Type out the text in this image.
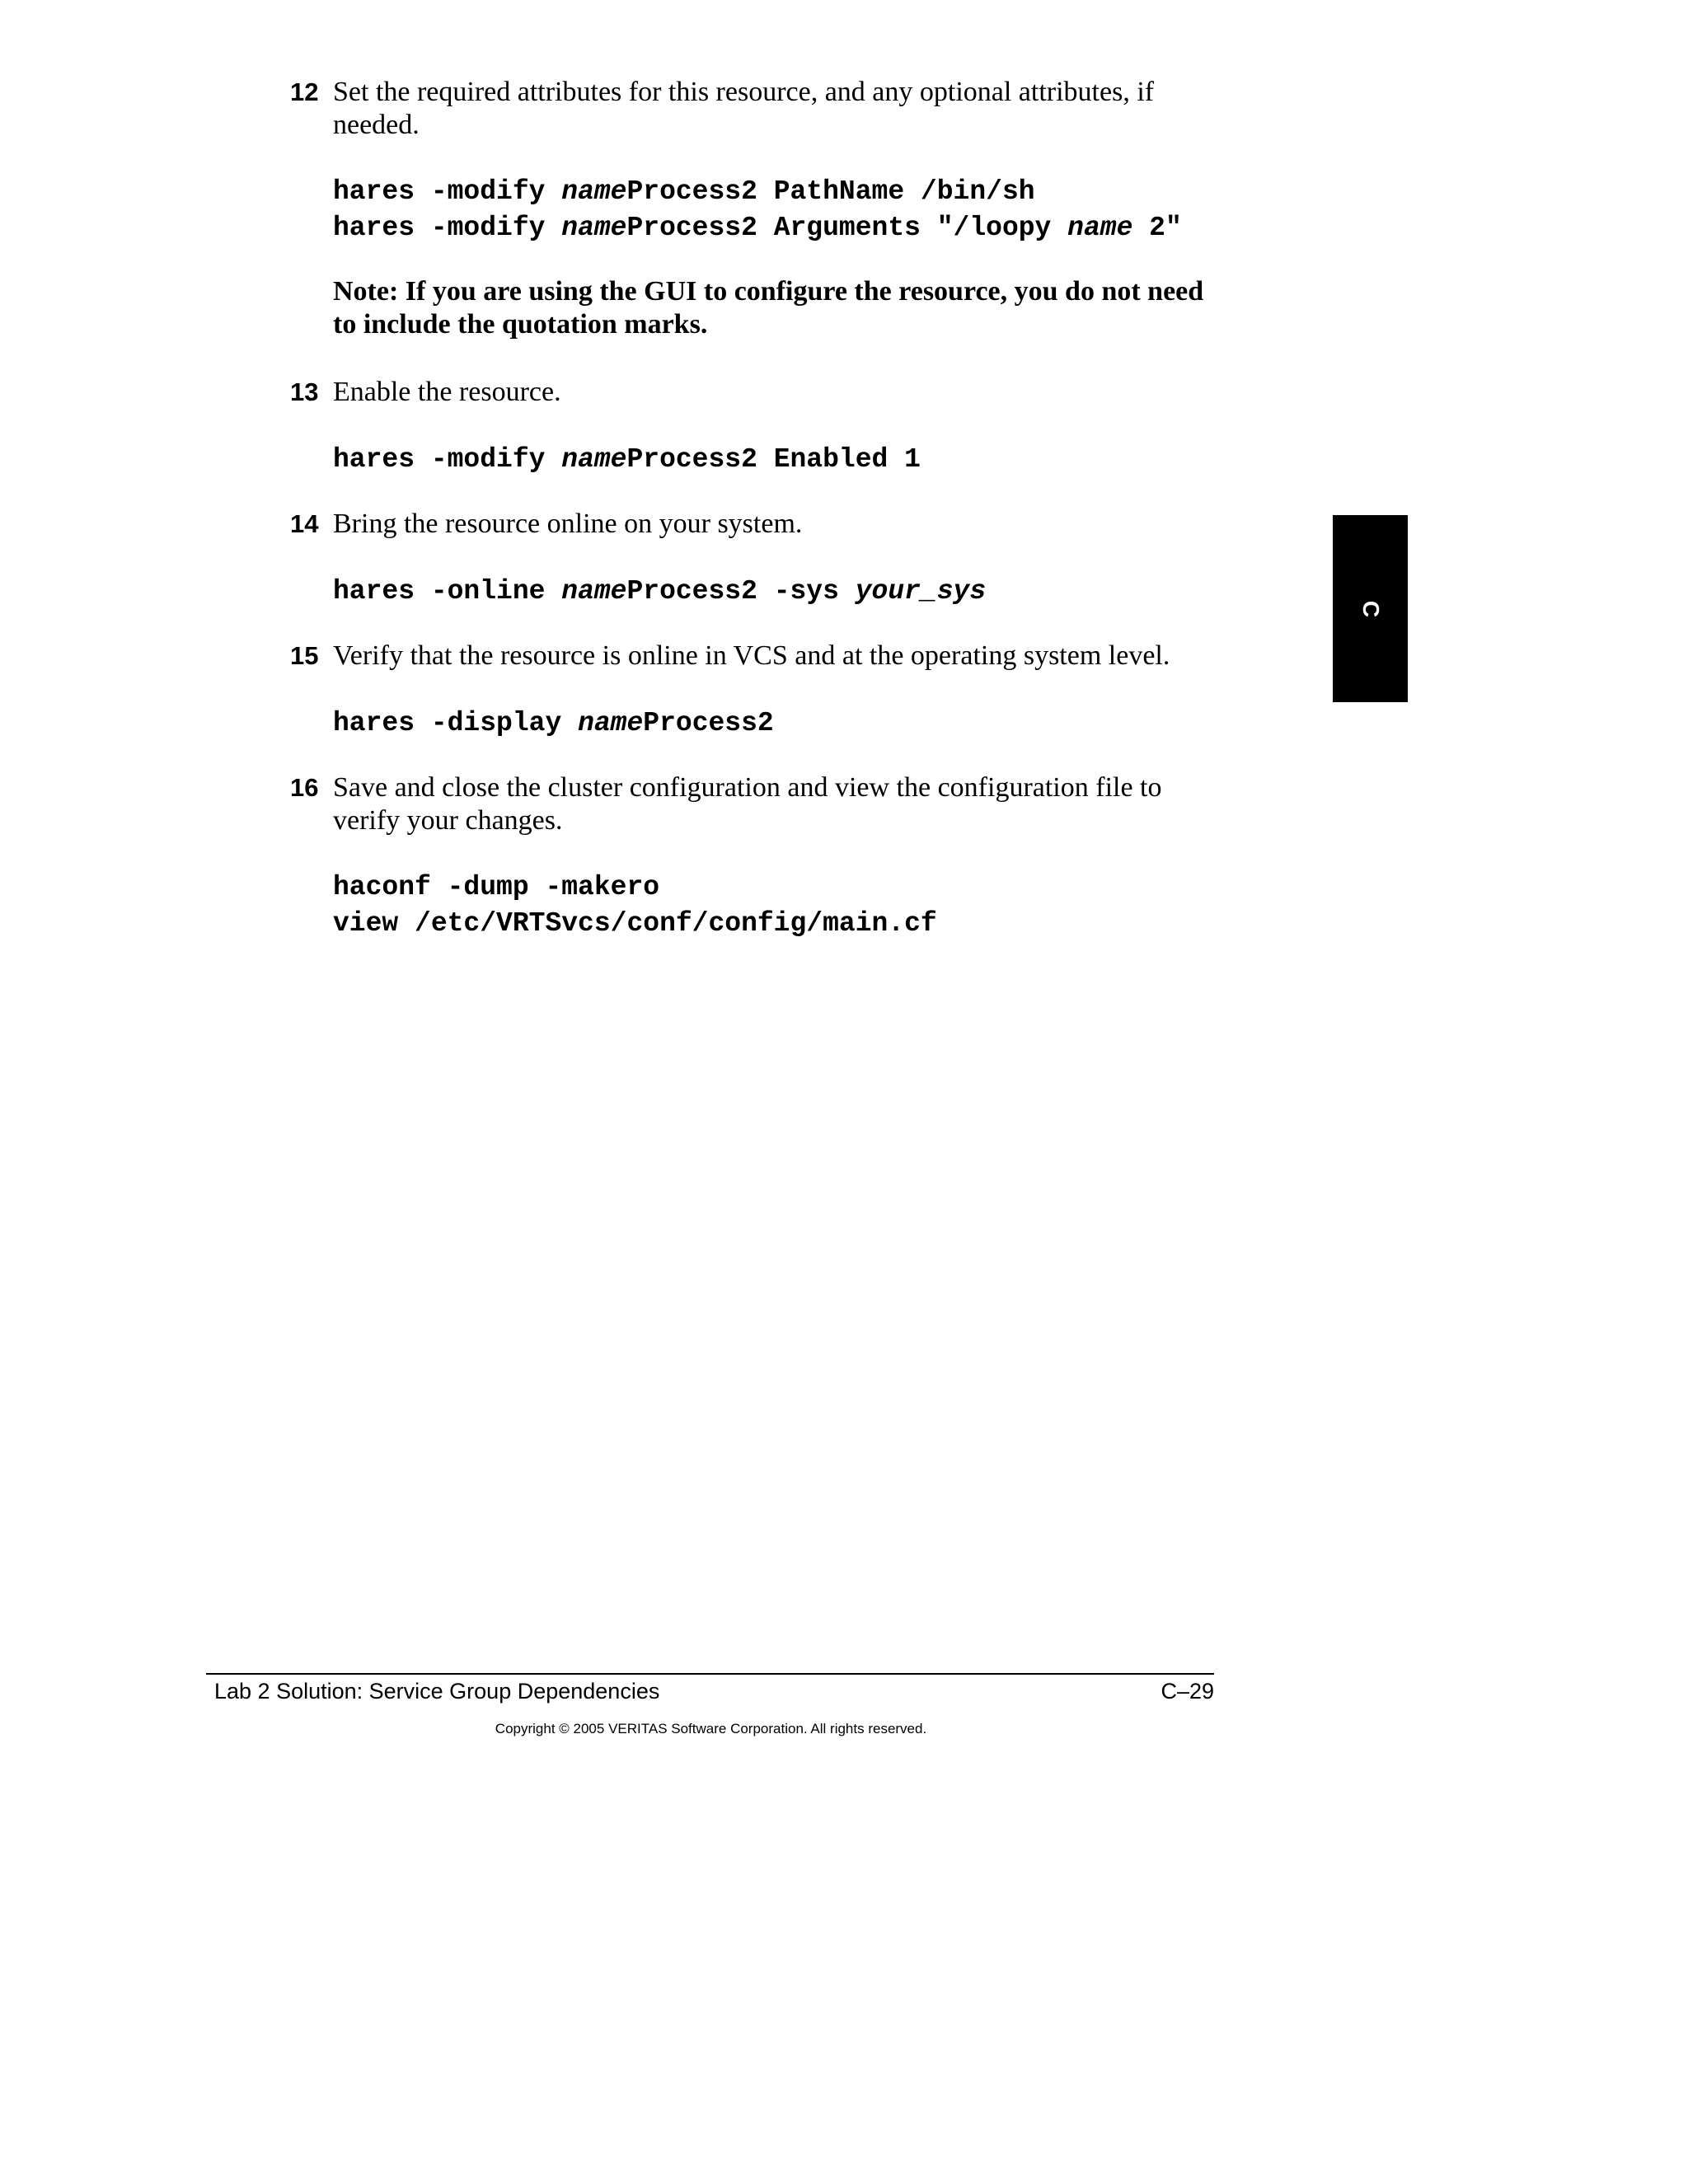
12 Set the required attributes for this resource, and any optional attributes, if needed.
hares -modify nameProcess2 PathName /bin/sh
hares -modify nameProcess2 Arguments "/loopy name 2"
Note: If you are using the GUI to configure the resource, you do not need to include the quotation marks.
13 Enable the resource.
hares -modify nameProcess2 Enabled 1
14 Bring the resource online on your system.
hares -online nameProcess2 -sys your_sys
15 Verify that the resource is online in VCS and at the operating system level.
hares -display nameProcess2
16 Save and close the cluster configuration and view the configuration file to verify your changes.
haconf -dump -makero
view /etc/VRTSvcs/conf/config/main.cf
C
Lab 2 Solution: Service Group Dependencies	C–29
Copyright © 2005 VERITAS Software Corporation. All rights reserved.
